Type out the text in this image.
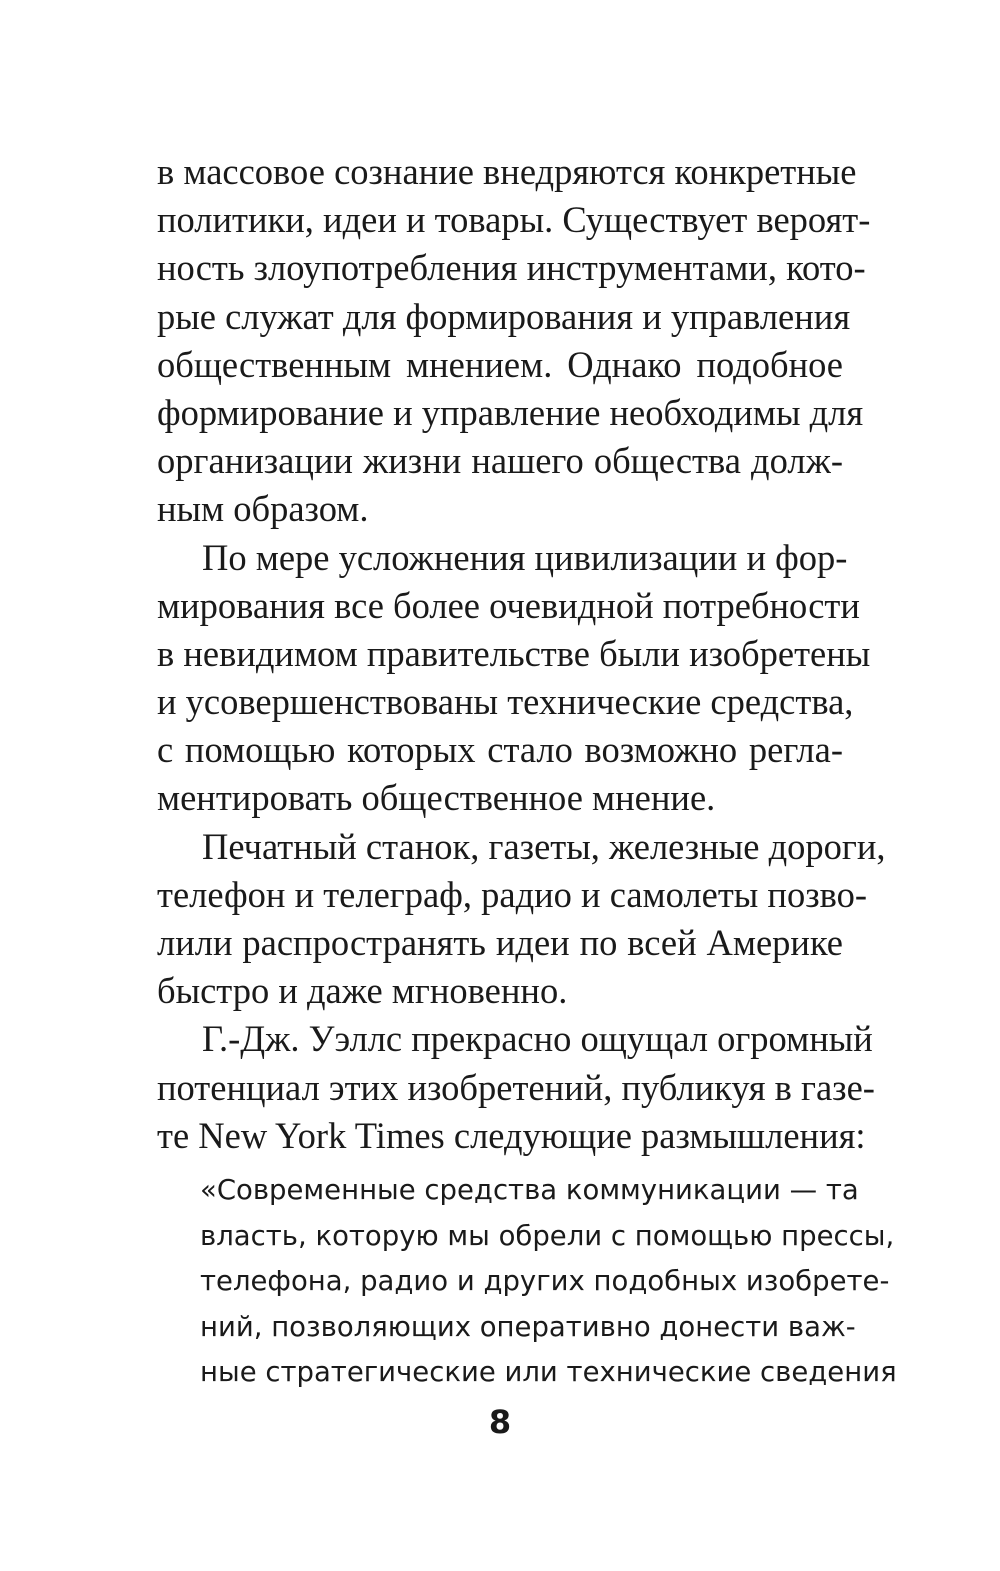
в массовое сознание внедряются конкретные
политики, идеи и товары. Существует вероят-
ность злоупотребления инструментами, кото-
рые служат для формирования и управления
общественным мнением. Однако подобное
формирование и управление необходимы для
организации жизни нашего общества долж-
ным образом.
По мере усложнения цивилизации и фор-
мирования все более очевидной потребности
в невидимом правительстве были изобретены
и усовершенствованы технические средства,
с помощью которых стало возможно регла-
ментировать общественное мнение.
Печатный станок, газеты, железные дороги,
телефон и телеграф, радио и самолеты позво-
лили распространять идеи по всей Америке
быстро и даже мгновенно.
Г.-Дж. Уэллс прекрасно ощущал огромный
потенциал этих изобретений, публикуя в газе-
те New York Times следующие размышления:
«Современные средства коммуникации — та
власть, которую мы обрели с помощью прессы,
телефона, радио и других подобных изобрете-
ний, позволяющих оперативно донести важ-
ные стратегические или технические сведения
8
